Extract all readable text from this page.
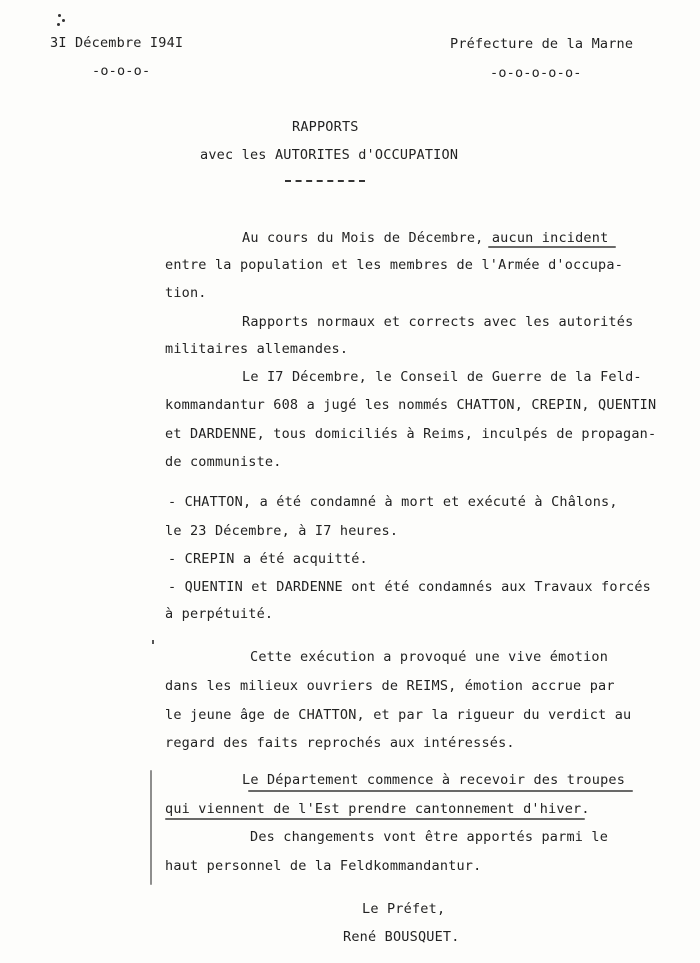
3I Décembre I94I
-o-o-o-
Préfecture de la Marne
-o-o-o-o-o-
RAPPORTS
avec les AUTORITES d'OCCUPATION
Au cours du Mois de Décembre, aucun incident
entre la population et les membres de l'Armée d'occupa-
tion.
Rapports normaux et corrects avec les autorités
militaires allemandes.
Le I7 Décembre, le Conseil de Guerre de la Feld-
kommandantur 608 a jugé les nommés CHATTON, CREPIN, QUENTIN
et DARDENNE, tous domiciliés à Reims, inculpés de propagan-
de communiste.
- CHATTON, a été condamné à mort et exécuté à Châlons,
le 23 Décembre, à I7 heures.
- CREPIN a été acquitté.
- QUENTIN et DARDENNE ont été condamnés aux Travaux forcés
à perpétuité.
Cette exécution a provoqué une vive émotion
dans les milieux ouvriers de REIMS, émotion accrue par
le jeune âge de CHATTON, et par la rigueur du verdict au
regard des faits reprochés aux intéressés.
Le Département commence à recevoir des troupes
qui viennent de l'Est prendre cantonnement d'hiver.
Des changements vont être apportés parmi le
haut personnel de la Feldkommandantur.
Le Préfet,
René BOUSQUET.
